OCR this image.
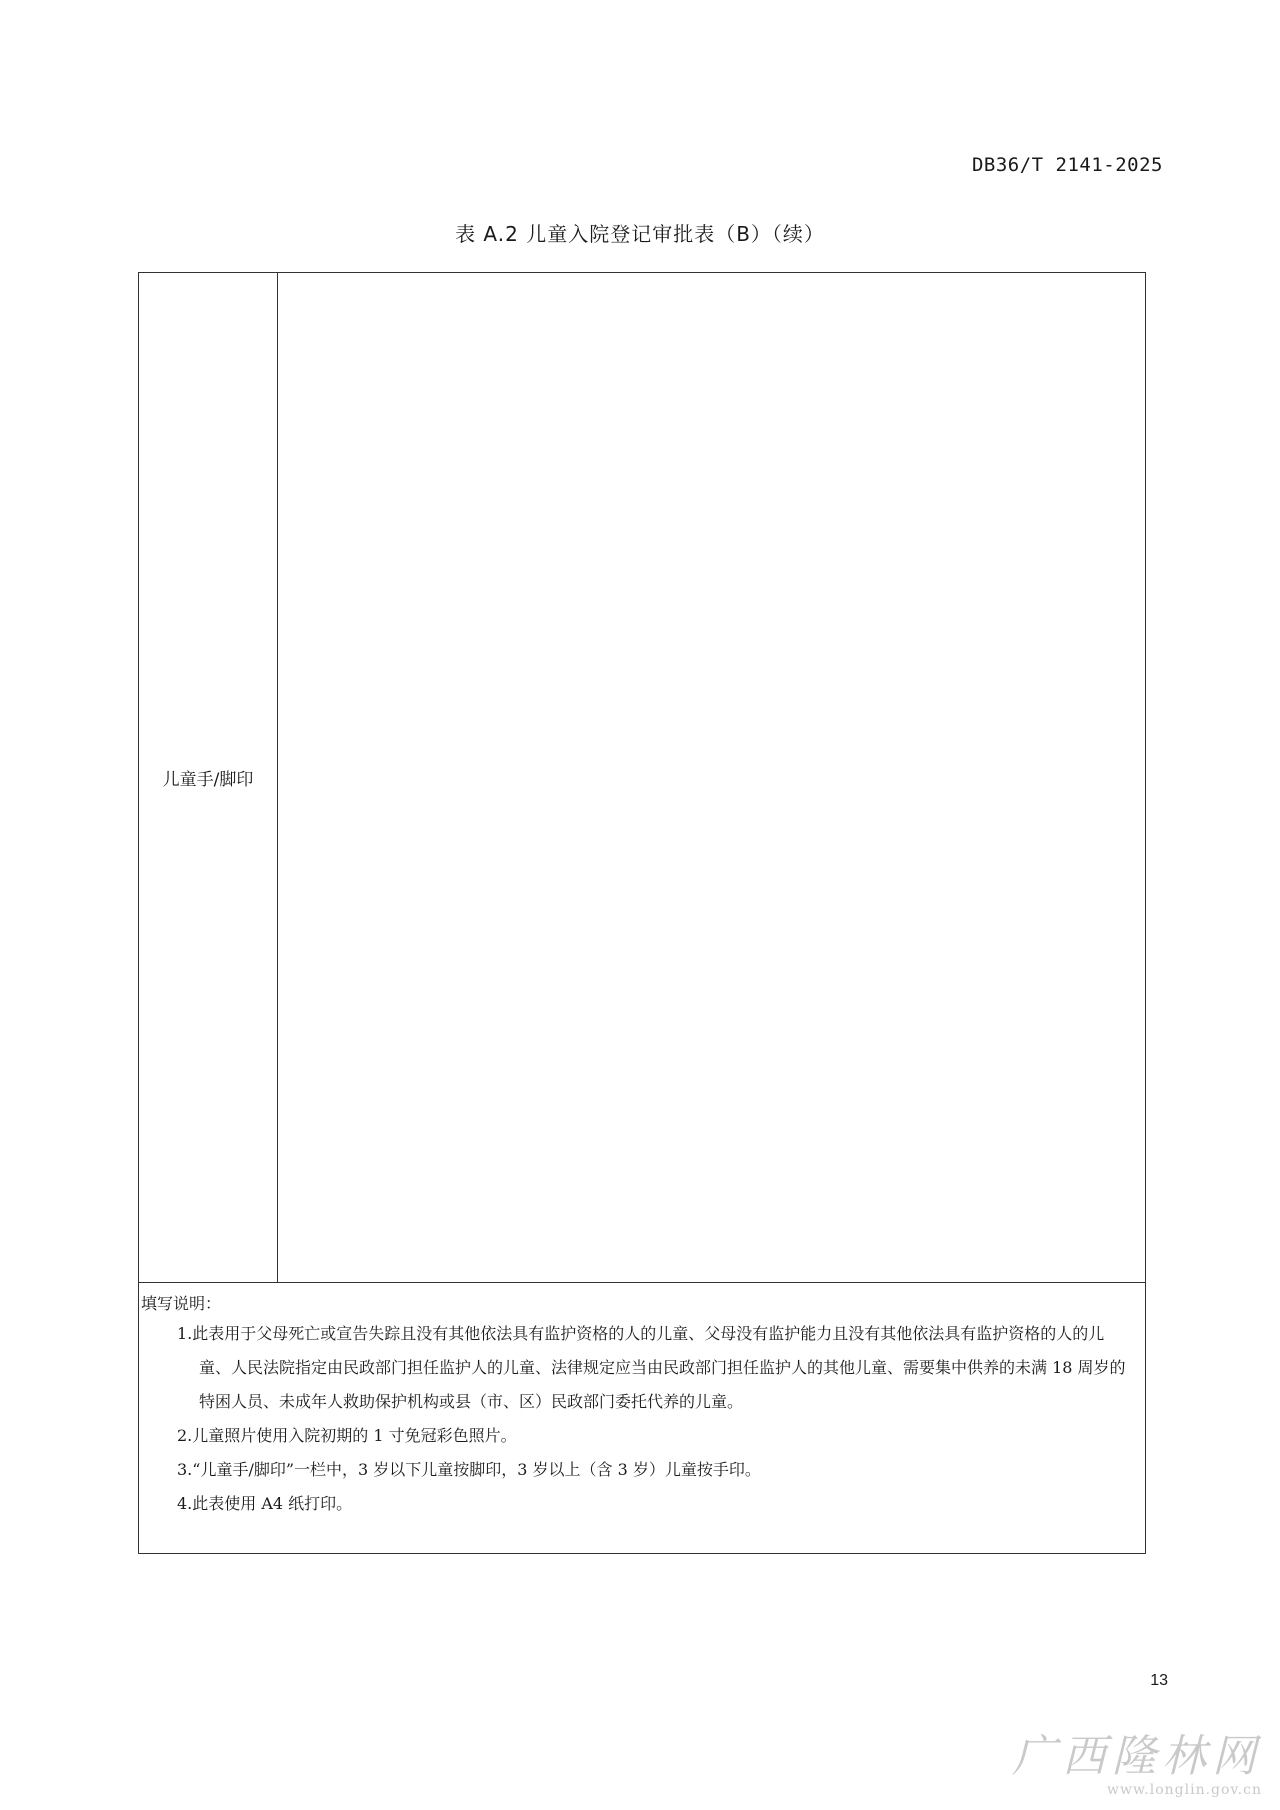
DB36/T 2141-2025
表 A.2 儿童入院登记审批表（B）（续）
儿童手/脚印
填写说明：
1.此表用于父母死亡或宣告失踪且没有其他依法具有监护资格的人的儿童、父母没有监护能力且没有其他依法具有监护资格的人的儿童、人民法院指定由民政部门担任监护人的儿童、法律规定应当由民政部门担任监护人的其他儿童、需要集中供养的未满 18 周岁的特困人员、未成年人救助保护机构或县（市、区）民政部门委托代养的儿童。
2.儿童照片使用入院初期的 1 寸免冠彩色照片。
3.“儿童手/脚印”一栏中，3 岁以下儿童按脚印，3 岁以上（含 3 岁）儿童按手印。
4.此表使用 A4 纸打印。
13
广西隆林网
www.longlin.gov.cn
